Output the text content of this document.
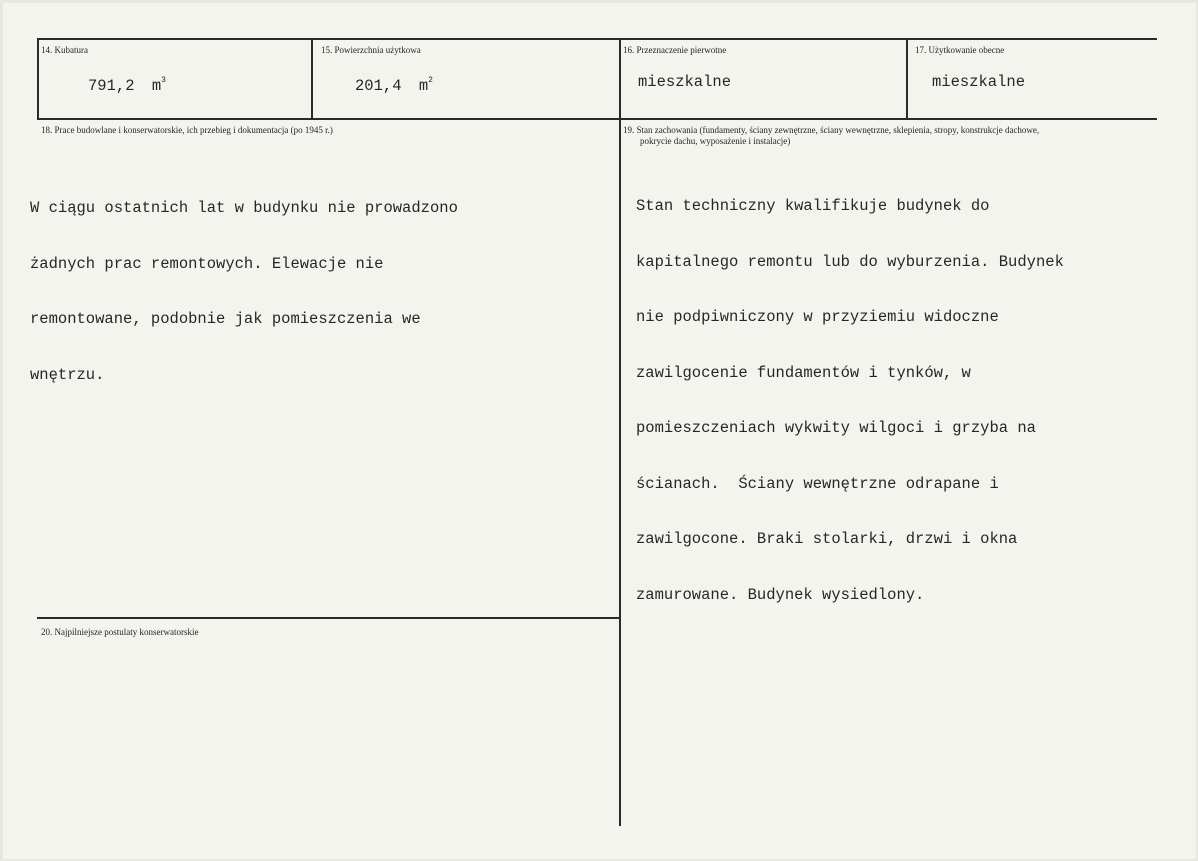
14. Kubatura
791,2 $m^3$
15. Powierzchnia użytkowa
201,4 $m^2$
16. Przeznaczenie pierwotne
mieszkalne
17. Użytkowanie obecne
mieszkalne
18. Prace budowlane i konserwatorskie, ich przebieg i dokumentacja (po 1945 r.)

W ciągu ostatnich lat w budynku nie prowadzono

żadnych prac remontowych. Elewacje nie

remontowane, podobnie jak pomieszczenia we

wnętrzu.

19. Stan zachowania (fundamenty, ściany zewnętrzne, ściany wewnętrzne, sklepienia, stropy, konstrukcje dachowe,
pokrycie dachu, wyposażenie i instalacje)

Stan techniczny kwalifikuje budynek do

kapitalnego remontu lub do wyburzenia. Budynek

nie podpiwniczony w przyziemiu widoczne

zawilgocenie fundamentów i tynków, w

pomieszczeniach wykwity wilgoci i grzyba na

ścianach.  Ściany wewnętrzne odrapane i

zawilgocone. Braki stolarki, drzwi i okna

zamurowane. Budynek wysiedlony.

20. Najpilniejsze postulaty konserwatorskie
